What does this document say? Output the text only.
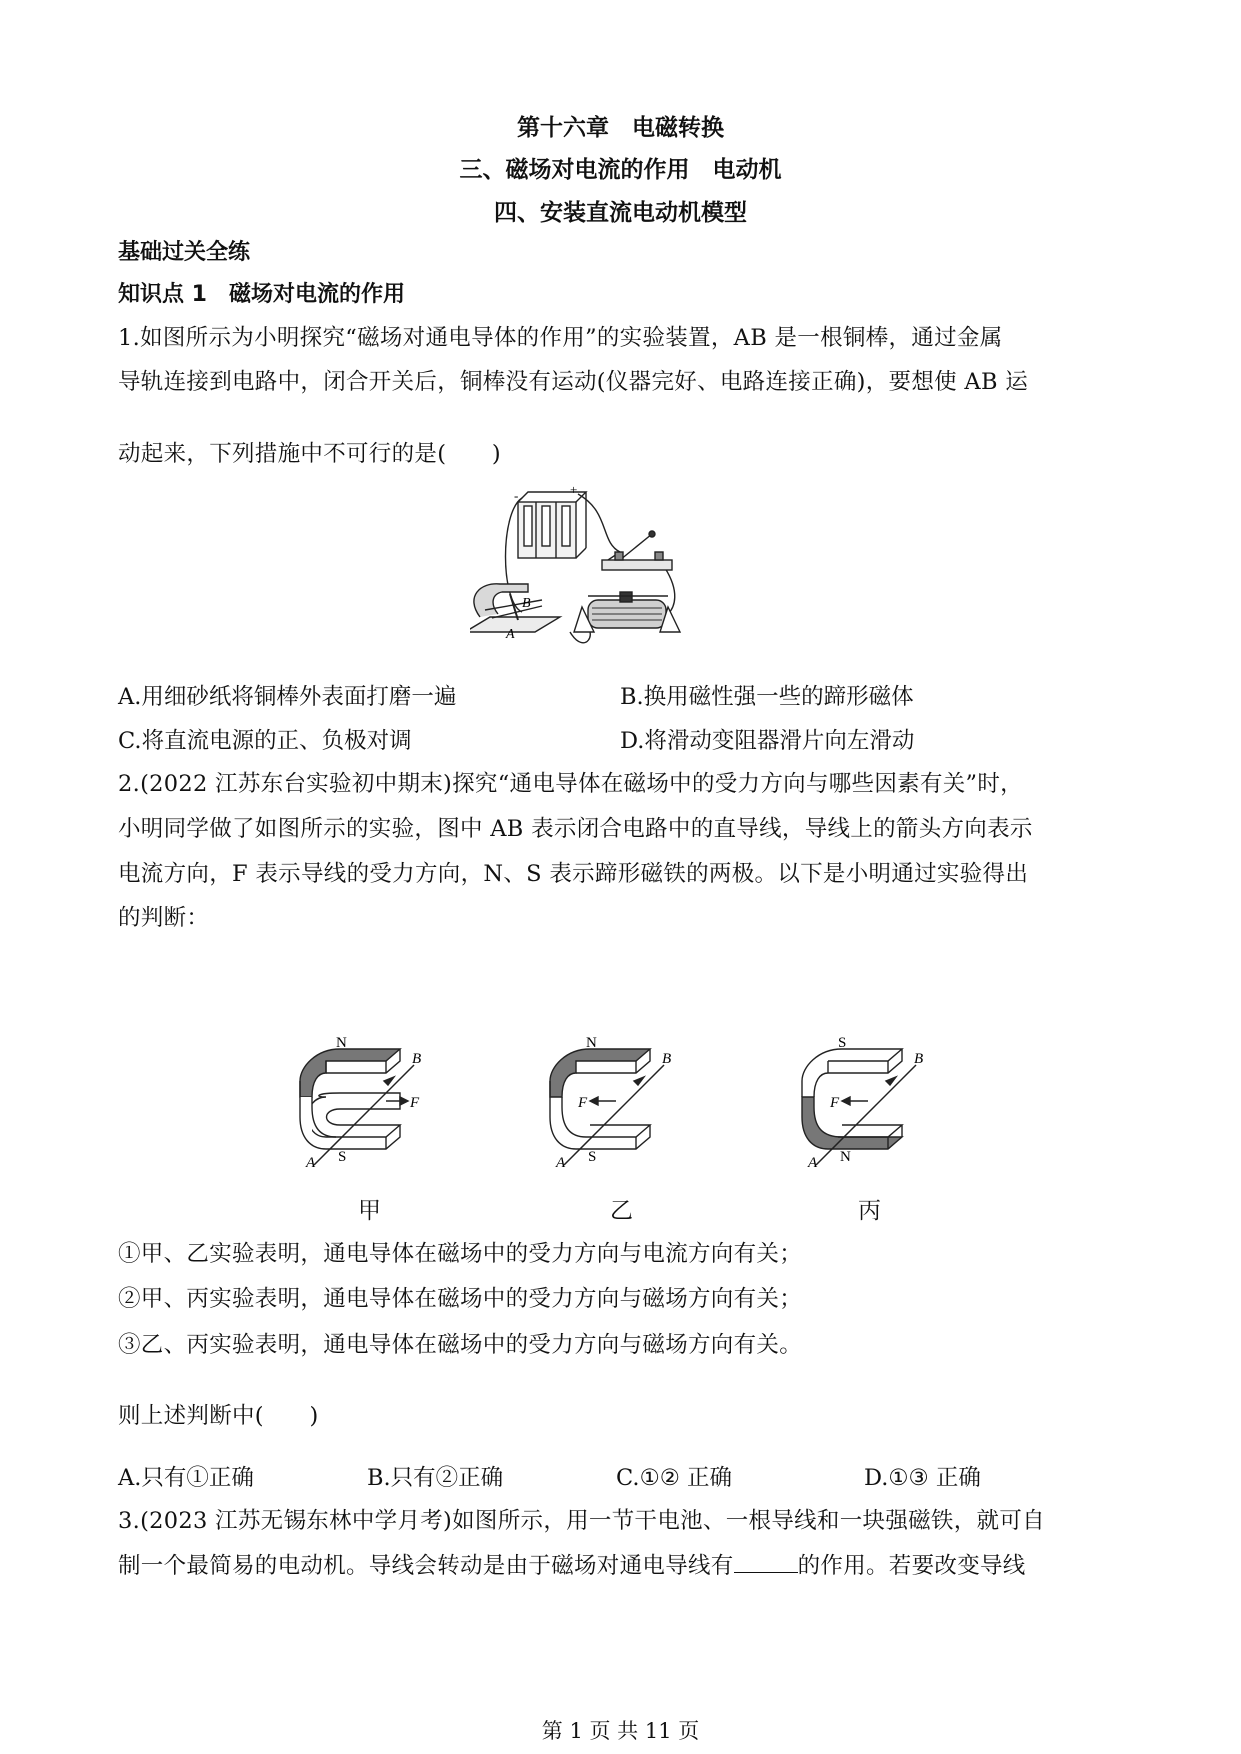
第十六章　电磁转换
三、磁场对电流的作用　电动机
四、安装直流电动机模型
基础过关全练
知识点 1　磁场对电流的作用
1.如图所示为小明探究“磁场对通电导体的作用”的实验装置，AB 是一根铜棒，通过金属
导轨连接到电路中，闭合开关后，铜棒没有运动(仪器完好、电路连接正确)，要想使 AB 运
动起来，下列措施中不可行的是(　　)
-	+
B
A
A.用细砂纸将铜棒外表面打磨一遍	B.换用磁性强一些的蹄形磁体
C.将直流电源的正、负极对调	D.将滑动变阻器滑片向左滑动
2.(2022 江苏东台实验初中期末)探究“通电导体在磁场中的受力方向与哪些因素有关”时，
小明同学做了如图所示的实验，图中 AB 表示闭合电路中的直导线，导线上的箭头方向表示
电流方向，F 表示导线的受力方向，N、S 表示蹄形磁铁的两极。以下是小明通过实验得出
的判断：
N
B
F
S
A
N
B
F
S
A
S
B
F
N
A
甲	乙	丙
①甲、乙实验表明，通电导体在磁场中的受力方向与电流方向有关；
②甲、丙实验表明，通电导体在磁场中的受力方向与磁场方向有关；
③乙、丙实验表明，通电导体在磁场中的受力方向与磁场方向有关。
则上述判断中(　　)
A.只有①正确	B.只有②正确	C.①② 正确	D.①③ 正确
3.(2023 江苏无锡东林中学月考)如图所示，用一节干电池、一根导线和一块强磁铁，就可自
制一个最简易的电动机。导线会转动是由于磁场对通电导线有	的作用。若要改变导线
第 1 页 共 11 页
